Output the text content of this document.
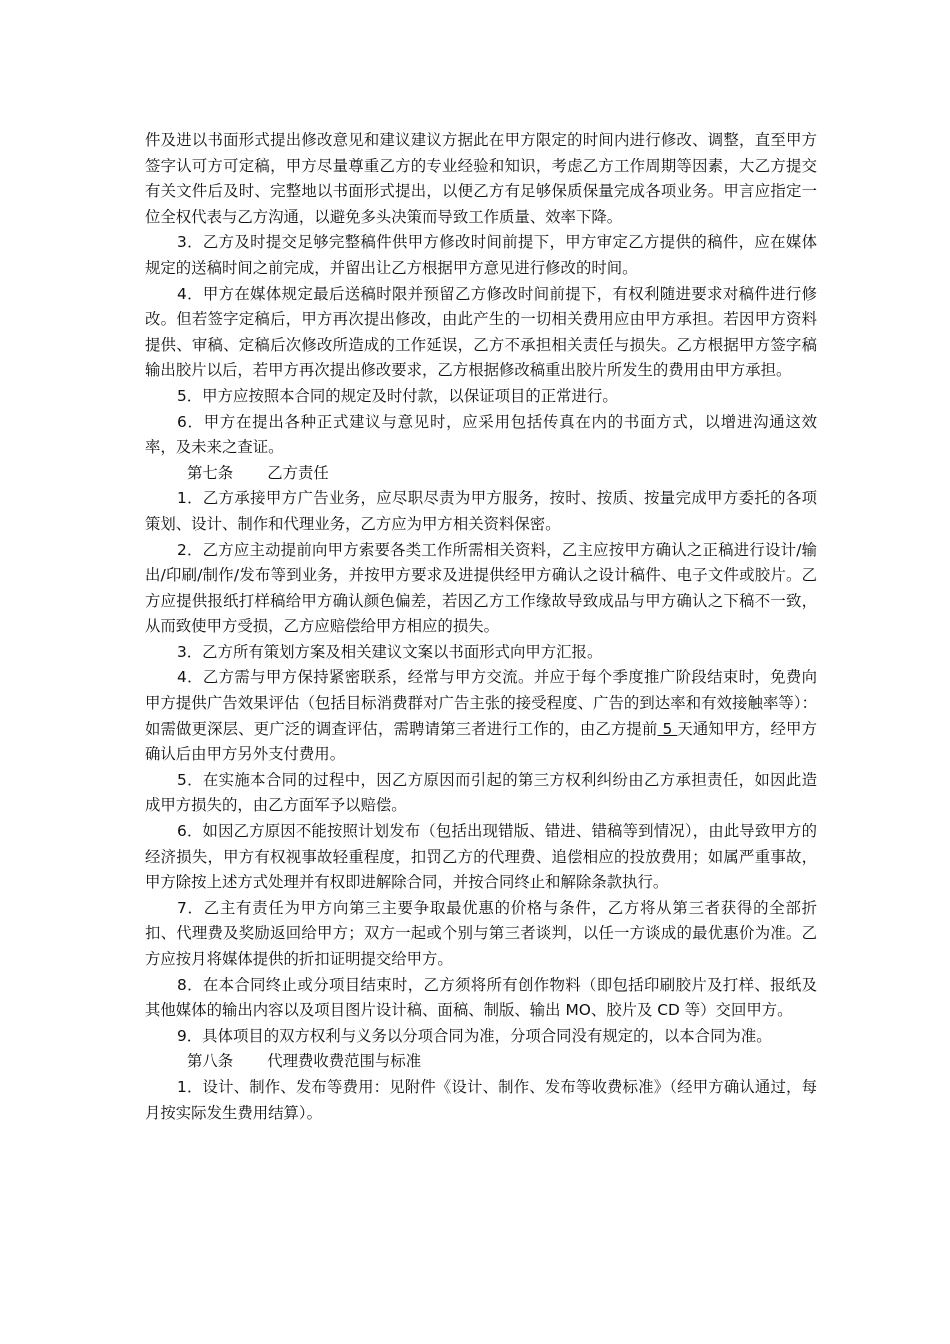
件及进以书面形式提出修改意见和建议建议方据此在甲方限定的时间内进行修改、调整，直至甲方签字认可方可定稿，甲方尽量尊重乙方的专业经验和知识，考虑乙方工作周期等因素，大乙方提交有关文件后及时、完整地以书面形式提出，以便乙方有足够保质保量完成各项业务。甲言应指定一位全权代表与乙方沟通，以避免多头决策而导致工作质量、效率下降。

3．乙方及时提交足够完整稿件供甲方修改时间前提下，甲方审定乙方提供的稿件，应在媒体规定的送稿时间之前完成，并留出让乙方根据甲方意见进行修改的时间。

4．甲方在媒体规定最后送稿时限并预留乙方修改时间前提下，有权利随进要求对稿件进行修改。但若签字定稿后，甲方再次提出修改，由此产生的一切相关费用应由甲方承担。若因甲方资料提供、审稿、定稿后次修改所造成的工作延误，乙方不承担相关责任与损失。乙方根据甲方签字稿输出胶片以后，若甲方再次提出修改要求，乙方根据修改稿重出胶片所发生的费用由甲方承担。

5．甲方应按照本合同的规定及时付款，以保证项目的正常进行。

6．甲方在提出各种正式建议与意见时，应采用包括传真在内的书面方式，以增进沟通这效率，及未来之查证。

第七条 乙方责任

1．乙方承接甲方广告业务，应尽职尽责为甲方服务，按时、按质、按量完成甲方委托的各项策划、设计、制作和代理业务，乙方应为甲方相关资料保密。

2．乙方应主动提前向甲方索要各类工作所需相关资料，乙主应按甲方确认之正稿进行设计/输出/印刷/制作/发布等到业务，并按甲方要求及进提供经甲方确认之设计稿件、电子文件或胶片。乙方应提供报纸打样稿给甲方确认颜色偏差，若因乙方工作缘故导致成品与甲方确认之下稿不一致，从而致使甲方受损，乙方应赔偿给甲方相应的损失。

3．乙方所有策划方案及相关建议文案以书面形式向甲方汇报。

4．乙方需与甲方保持紧密联系，经常与甲方交流。并应于每个季度推广阶段结束时，免费向甲方提供广告效果评估（包括目标消费群对广告主张的接受程度、广告的到达率和有效接触率等）：如需做更深层、更广泛的调查评估，需聘请第三者进行工作的，由乙方提前 5 天通知甲方，经甲方确认后由甲方另外支付费用。

5．在实施本合同的过程中，因乙方原因而引起的第三方权利纠纷由乙方承担责任，如因此造成甲方损失的，由乙方面军予以赔偿。

6．如因乙方原因不能按照计划发布（包括出现错版、错进、错稿等到情况），由此导致甲方的经济损失，甲方有权视事故轻重程度，扣罚乙方的代理费、追偿相应的投放费用；如属严重事故，甲方除按上述方式处理并有权即进解除合同，并按合同终止和解除条款执行。

7．乙主有责任为甲方向第三主要争取最优惠的价格与条件，乙方将从第三者获得的全部折扣、代理费及奖励返回给甲方；双方一起或个别与第三者谈判，以任一方谈成的最优惠价为准。乙方应按月将媒体提供的折扣证明提交给甲方。

8．在本合同终止或分项目结束时，乙方须将所有创作物料（即包括印刷胶片及打样、报纸及其他媒体的输出内容以及项目图片设计稿、面稿、制版、输出 MO、胶片及 CD 等）交回甲方。

9．具体项目的双方权利与义务以分项合同为准，分项合同没有规定的，以本合同为准。

第八条 代理费收费范围与标准

1．设计、制作、发布等费用：见附件《设计、制作、发布等收费标准》（经甲方确认通过，每月按实际发生费用结算）。
